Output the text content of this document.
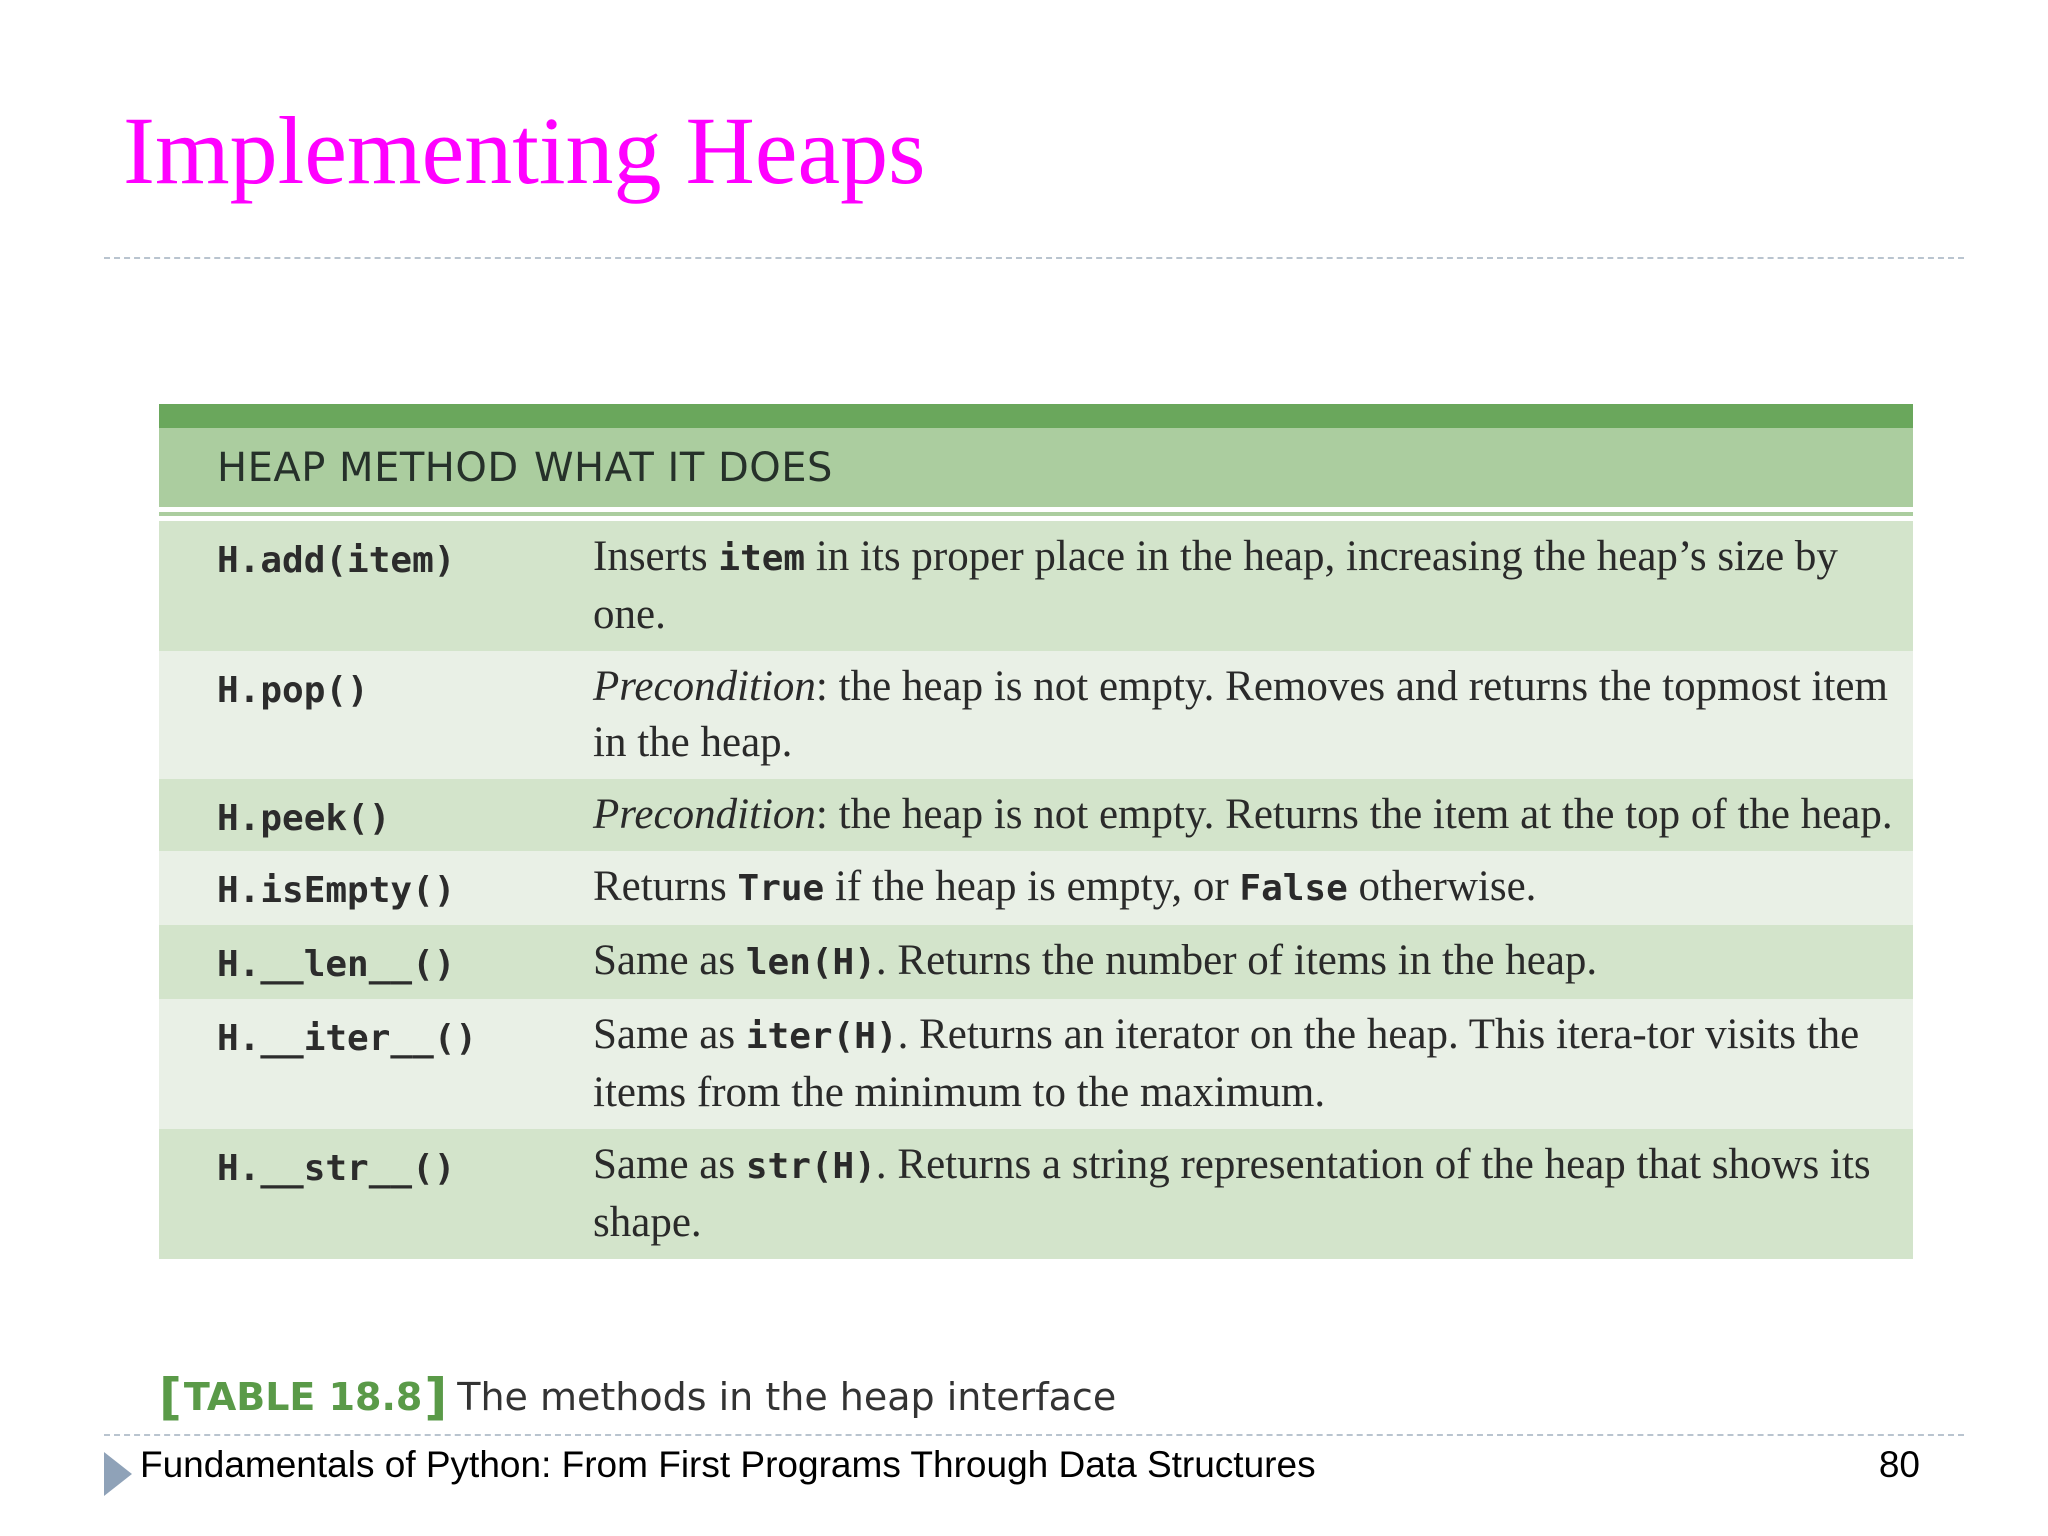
Implementing Heaps
HEAP METHOD WHAT IT DOES
H.add(item)	Inserts item in its proper place in the heap, increasing the heap’s size by one.
H.pop()	Precondition: the heap is not empty. Removes and returns the topmost item in the heap.
H.peek()	Precondition: the heap is not empty. Returns the item at the top of the heap.
H.isEmpty()	Returns True if the heap is empty, or False otherwise.
H.__len__()	Same as len(H). Returns the number of items in the heap.
H.__iter__()	Same as iter(H). Returns an iterator on the heap. This itera-tor visits the items from the minimum to the maximum.
H.__str__()	Same as str(H). Returns a string representation of the heap that shows its shape.
[ TABLE 18.8 ] The methods in the heap interface
Fundamentals of Python: From First Programs Through Data Structures	80
